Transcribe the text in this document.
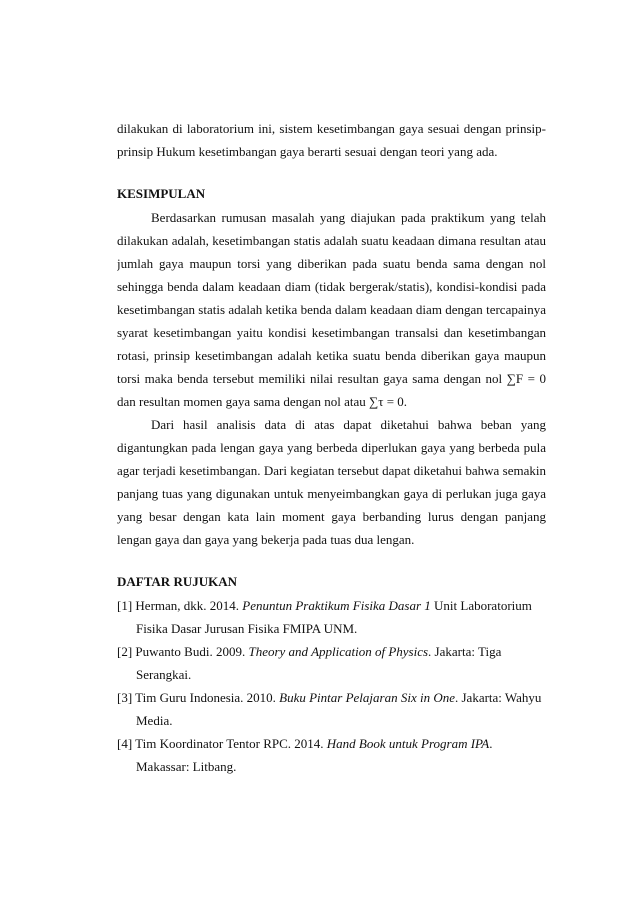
dilakukan di laboratorium ini, sistem kesetimbangan gaya sesuai dengan prinsip-
prinsip Hukum kesetimbangan gaya berarti sesuai dengan teori yang ada.
KESIMPULAN
Berdasarkan rumusan masalah yang diajukan pada praktikum yang telah
dilakukan adalah, kesetimbangan statis adalah suatu keadaan dimana resultan atau
jumlah gaya maupun torsi yang diberikan pada suatu benda sama dengan nol
sehingga benda dalam keadaan diam (tidak bergerak/statis), kondisi-kondisi pada
kesetimbangan statis adalah ketika benda dalam keadaan diam dengan tercapainya
syarat kesetimbangan yaitu kondisi kesetimbangan transalsi dan kesetimbangan
rotasi, prinsip kesetimbangan adalah ketika suatu benda diberikan gaya maupun
torsi maka benda tersebut memiliki nilai resultan gaya sama dengan nol ∑F = 0
dan resultan momen gaya sama dengan nol atau ∑τ = 0.
Dari hasil analisis data di atas dapat diketahui bahwa beban yang
digantungkan pada lengan gaya yang berbeda diperlukan gaya yang berbeda pula
agar terjadi kesetimbangan. Dari kegiatan tersebut dapat diketahui bahwa semakin
panjang tuas yang digunakan untuk menyeimbangkan gaya di perlukan juga gaya
yang besar dengan kata lain moment gaya berbanding lurus dengan panjang
lengan gaya dan gaya yang bekerja pada tuas dua lengan.
DAFTAR RUJUKAN
[1] Herman, dkk. 2014. Penuntun Praktikum Fisika Dasar 1 Unit Laboratorium
Fisika Dasar Jurusan Fisika FMIPA UNM.
[2] Puwanto Budi. 2009. Theory and Application of Physics. Jakarta: Tiga
Serangkai.
[3] Tim Guru Indonesia. 2010. Buku Pintar Pelajaran Six in One. Jakarta: Wahyu
Media.
[4] Tim Koordinator Tentor RPC. 2014. Hand Book untuk Program IPA.
Makassar: Litbang.
